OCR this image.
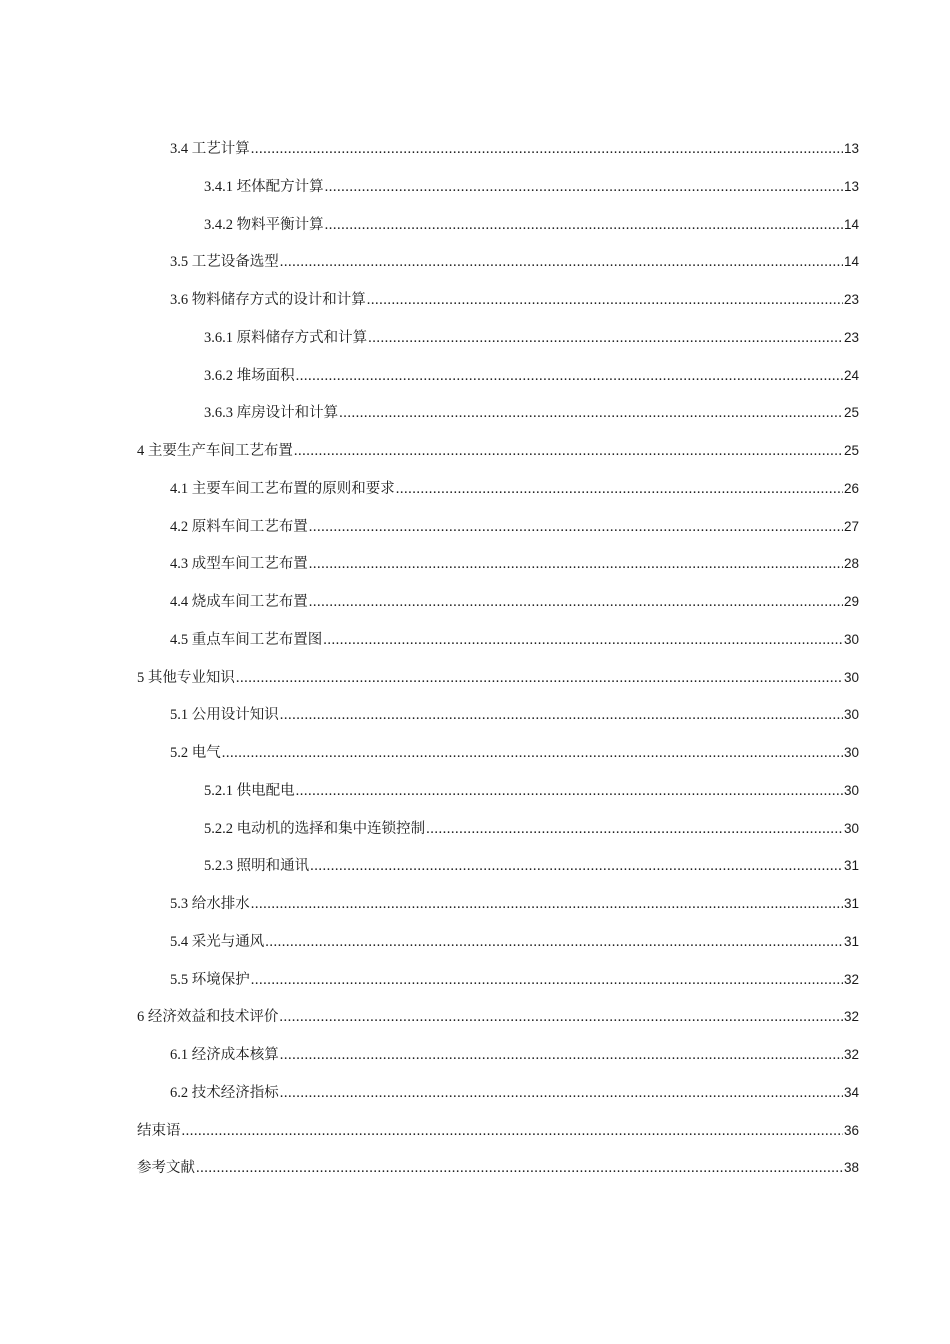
3.4 工艺计算 .....	13
3.4.1 坯体配方计算 .....	13
3.4.2 物料平衡计算 .....	14
3.5 工艺设备选型 .....	14
3.6 物料储存方式的设计和计算 .....	23
3.6.1 原料储存方式和计算 .....	23
3.6.2 堆场面积 .....	24
3.6.3 库房设计和计算 .....	25
4 主要生产车间工艺布置 .....	25
4.1 主要车间工艺布置的原则和要求 .....	26
4.2 原料车间工艺布置 .....	27
4.3 成型车间工艺布置 .....	28
4.4 烧成车间工艺布置 .....	29
4.5 重点车间工艺布置图 .....	30
5 其他专业知识 .....	30
5.1 公用设计知识 .....	30
5.2 电气 .....	30
5.2.1 供电配电 .....	30
5.2.2 电动机的选择和集中连锁控制 .....	30
5.2.3 照明和通讯 .....	31
5.3 给水排水 .....	31
5.4 采光与通风 .....	31
5.5 环境保护 .....	32
6 经济效益和技术评价 .....	32
6.1 经济成本核算 .....	32
6.2 技术经济指标 .....	34
结束语 .....	36
参考文献 .....	38
